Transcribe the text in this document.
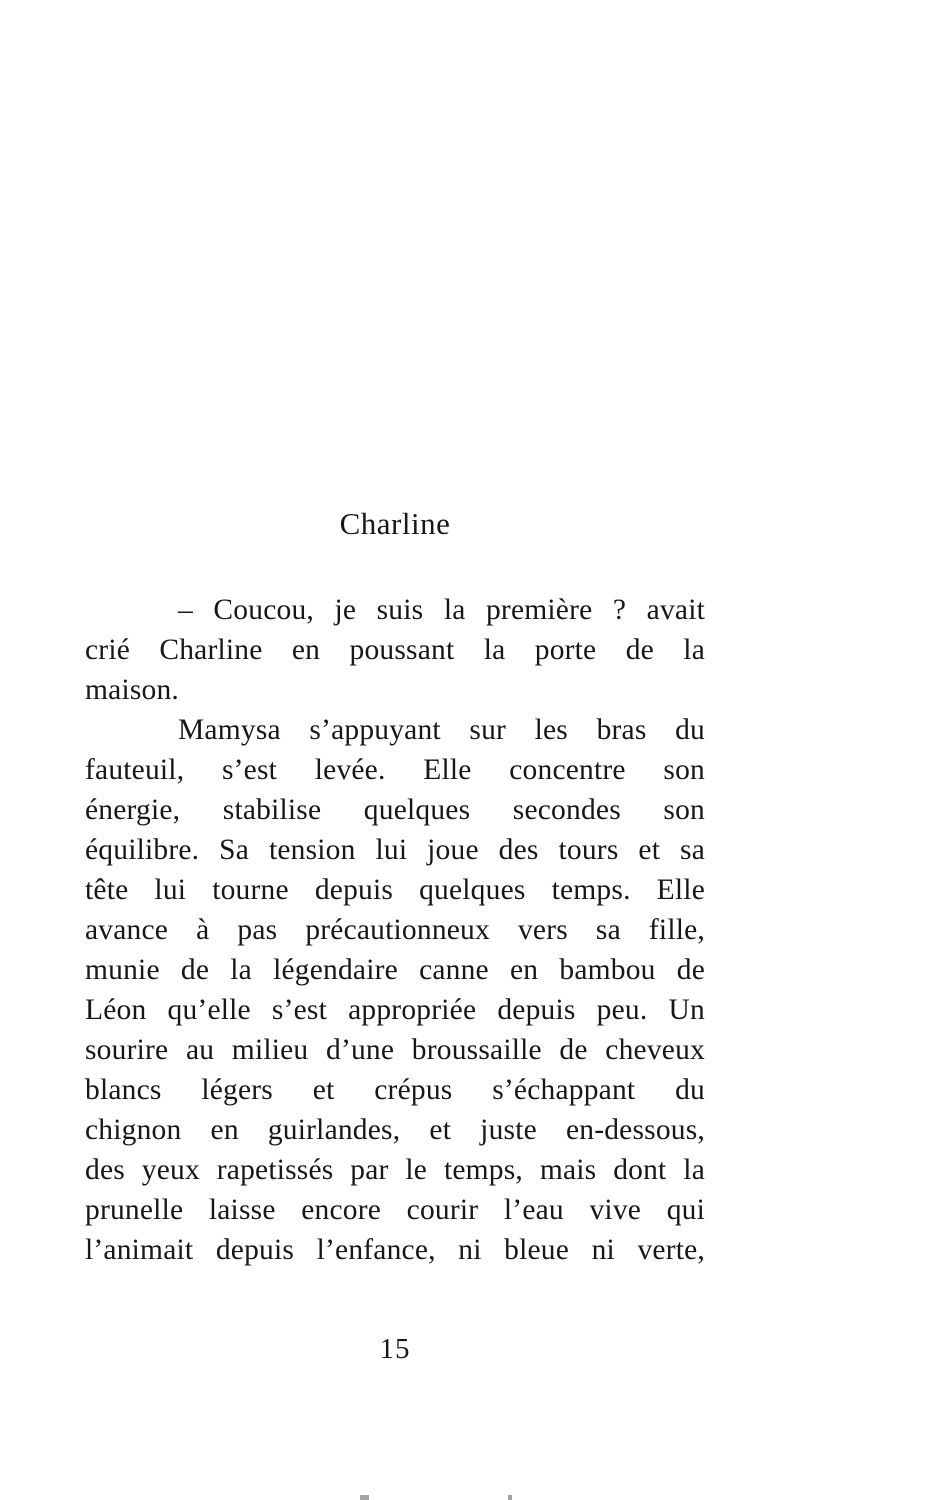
Charline

– Coucou, je suis la première ? avait
crié Charline en poussant la porte de la
maison.

Mamysa s’appuyant sur les bras du
fauteuil, s’est levée. Elle concentre son
énergie, stabilise quelques secondes son
équilibre. Sa tension lui joue des tours et sa
tête lui tourne depuis quelques temps. Elle
avance à pas précautionneux vers sa fille,
munie de la légendaire canne en bambou de
Léon qu’elle s’est appropriée depuis peu. Un
sourire au milieu d’une broussaille de cheveux
blancs légers et crépus s’échappant du
chignon en guirlandes, et juste en-dessous,
des yeux rapetissés par le temps, mais dont la
prunelle laisse encore courir l’eau vive qui
l’animait depuis l’enfance, ni bleue ni verte,

15
